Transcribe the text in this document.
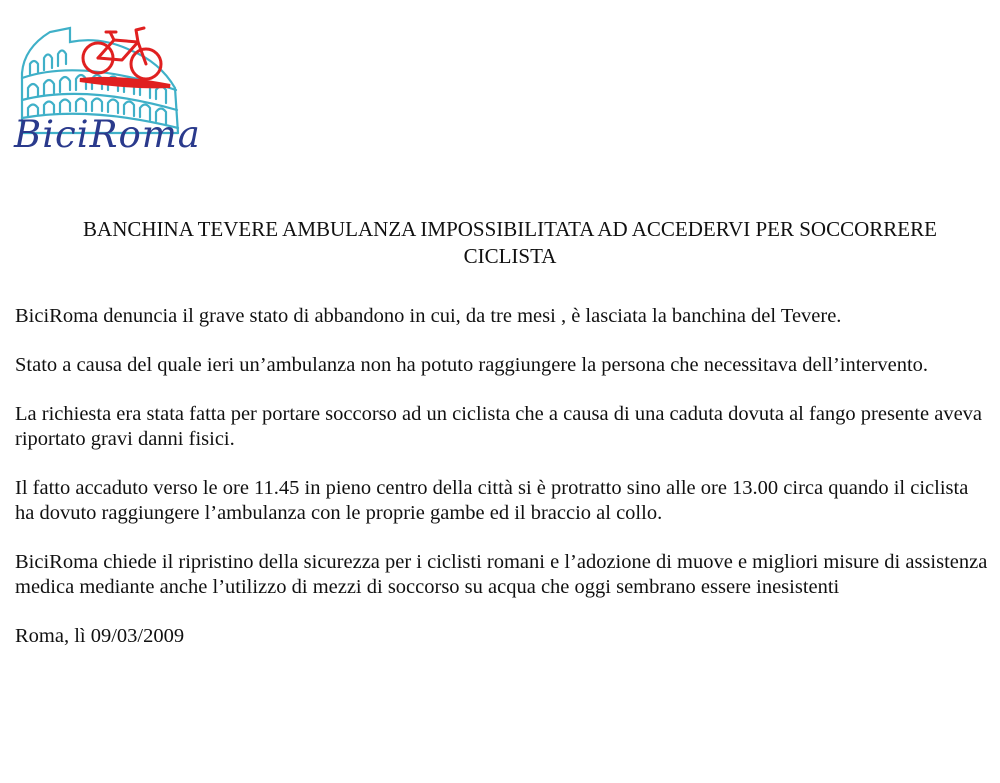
BiciRoma
BANCHINA TEVERE AMBULANZA IMPOSSIBILITATA AD ACCEDERVI PER SOCCORRERE CICLISTA

BiciRoma denuncia il grave stato di abbandono in cui, da tre mesi , è lasciata la banchina del Tevere.

Stato a causa del quale ieri un’ambulanza non ha potuto raggiungere la persona che necessitava dell’intervento.

La richiesta era stata fatta per portare soccorso ad un ciclista che a causa di una caduta dovuta al fango presente aveva riportato gravi danni fisici.

Il fatto accaduto verso le ore 11.45 in pieno centro della città si è protratto sino alle ore 13.00 circa quando il ciclista ha dovuto raggiungere l’ambulanza con le proprie gambe ed il braccio al collo.

BiciRoma chiede il ripristino della sicurezza per i ciclisti romani e l’adozione di muove e migliori misure di assistenza medica mediante anche l’utilizzo di mezzi di soccorso su acqua che oggi sembrano essere inesistenti

Roma, lì 09/03/2009
